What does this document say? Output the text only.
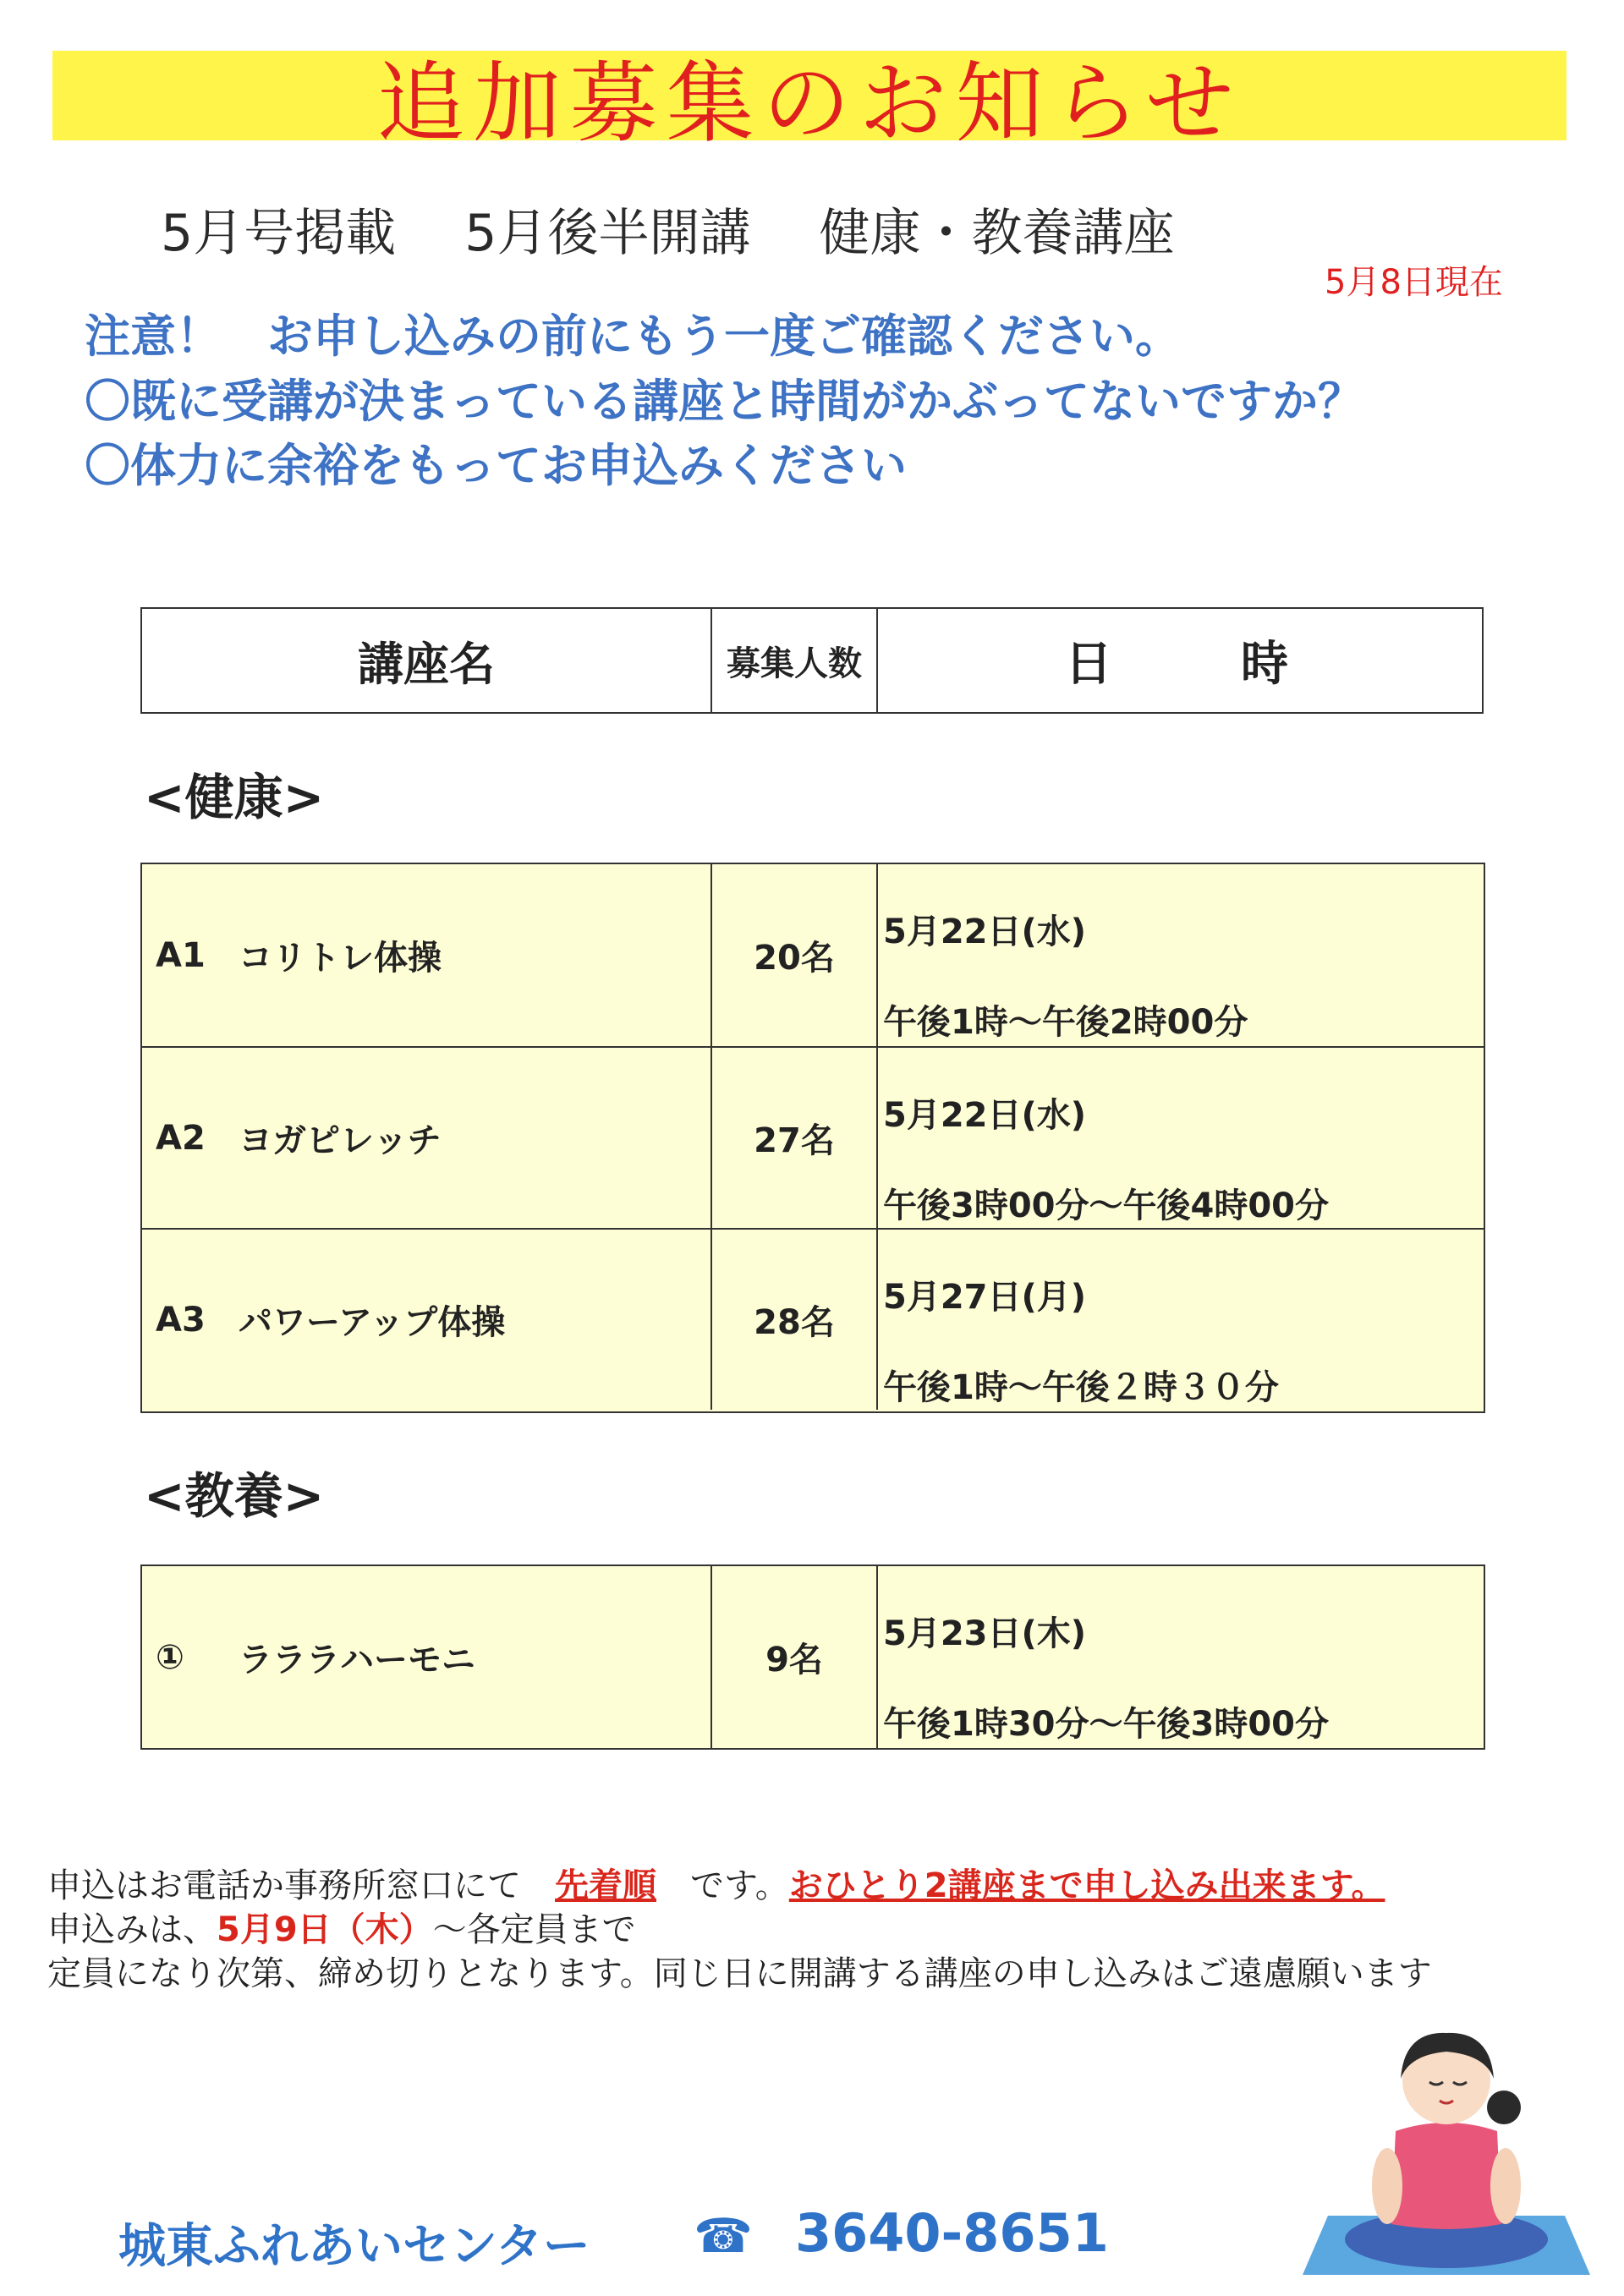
追加募集のお知らせ
5月号掲載 5月後半開講 健康・教養講座
5月8日現在
注意！　お申し込みの前にもう一度ご確認ください。
〇既に受講が決まっている講座と時間がかぶってないですか？
〇体力に余裕をもってお申込みください
講座名	募集人数	日　時
<健康>
A1 コリトレ体操	20名
5月22日(水)
午後1時～午後2時00分
A2 ヨガピレッチ	27名
5月22日(水)
午後3時00分～午後4時00分
A3 パワーアップ体操	28名
5月27日(月)
午後1時～午後２時３０分
<教養>
①	ラララハーモニ	9名
5月23日(木)
午後1時30分～午後3時00分
申込はお電話か事務所窓口にて　先着順　です。おひとり2講座まで申し込み出来ます。
申込みは、5月9日（木）～各定員まで
定員になり次第、締め切りとなります。同じ日に開講する講座の申し込みはご遠慮願います
城東ふれあいセンター ☎ 3640-8651
